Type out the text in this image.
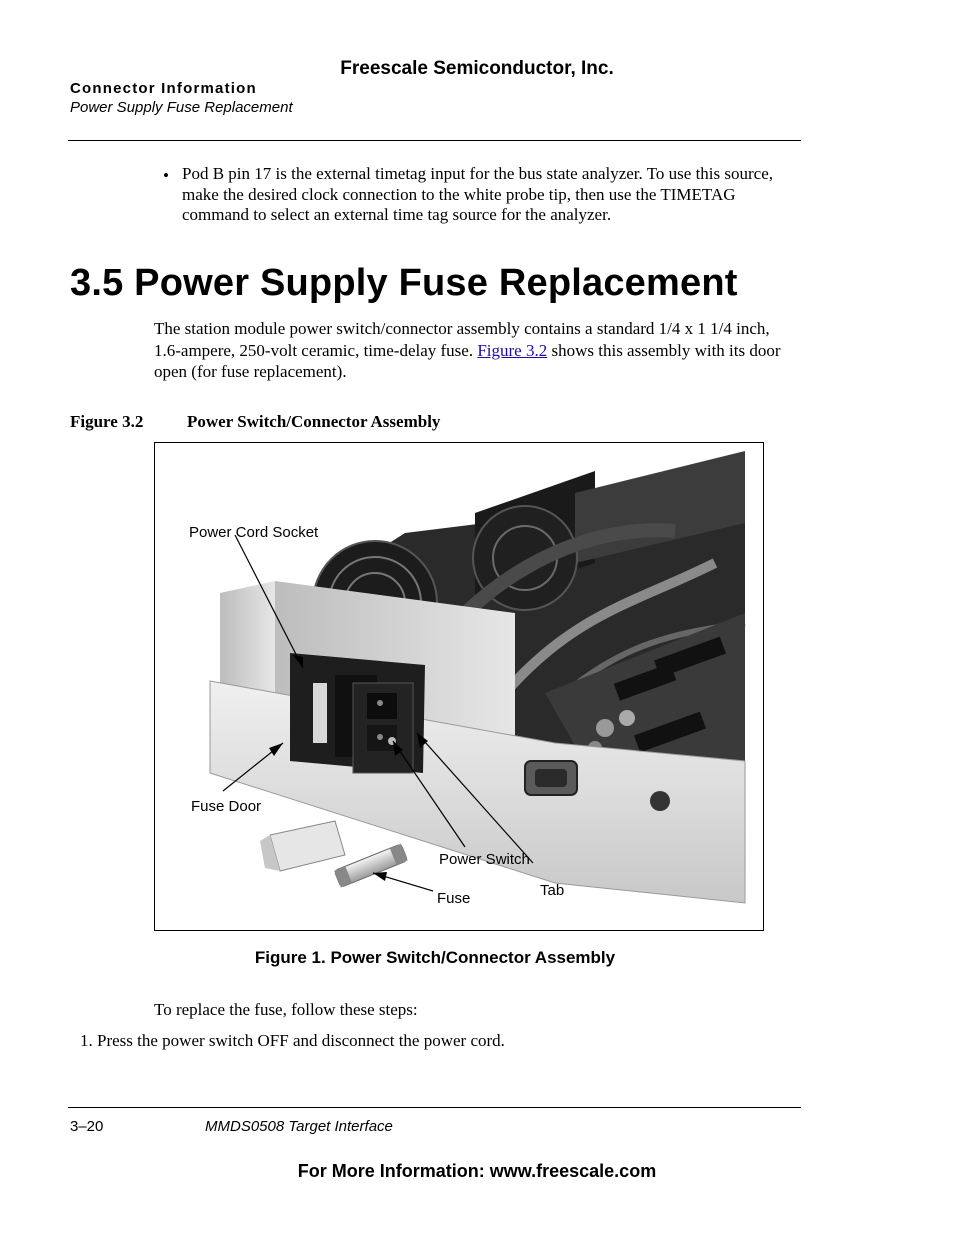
Freescale Semiconductor, Inc.
Connector Information
Power Supply Fuse Replacement
• Pod B pin 17 is the external timetag input for the bus state analyzer. To use this source, make the desired clock connection to the white probe tip, then use the TIMETAG command to select an external time tag source for the analyzer.
3.5 Power Supply Fuse Replacement
The station module power switch/connector assembly contains a standard 1/4 x 1 1/4 inch, 1.6-ampere, 250-volt ceramic, time-delay fuse. Figure 3.2 shows this assembly with its door open (for fuse replacement).
Figure 3.2	Power Switch/Connector Assembly
Power Cord Socket
Fuse Door
Power Switch
Tab
Fuse
Figure 1. Power Switch/Connector Assembly
To replace the fuse, follow these steps:
1. Press the power switch OFF and disconnect the power cord.
3–20	MMDS0508 Target Interface
For More Information: www.freescale.com
